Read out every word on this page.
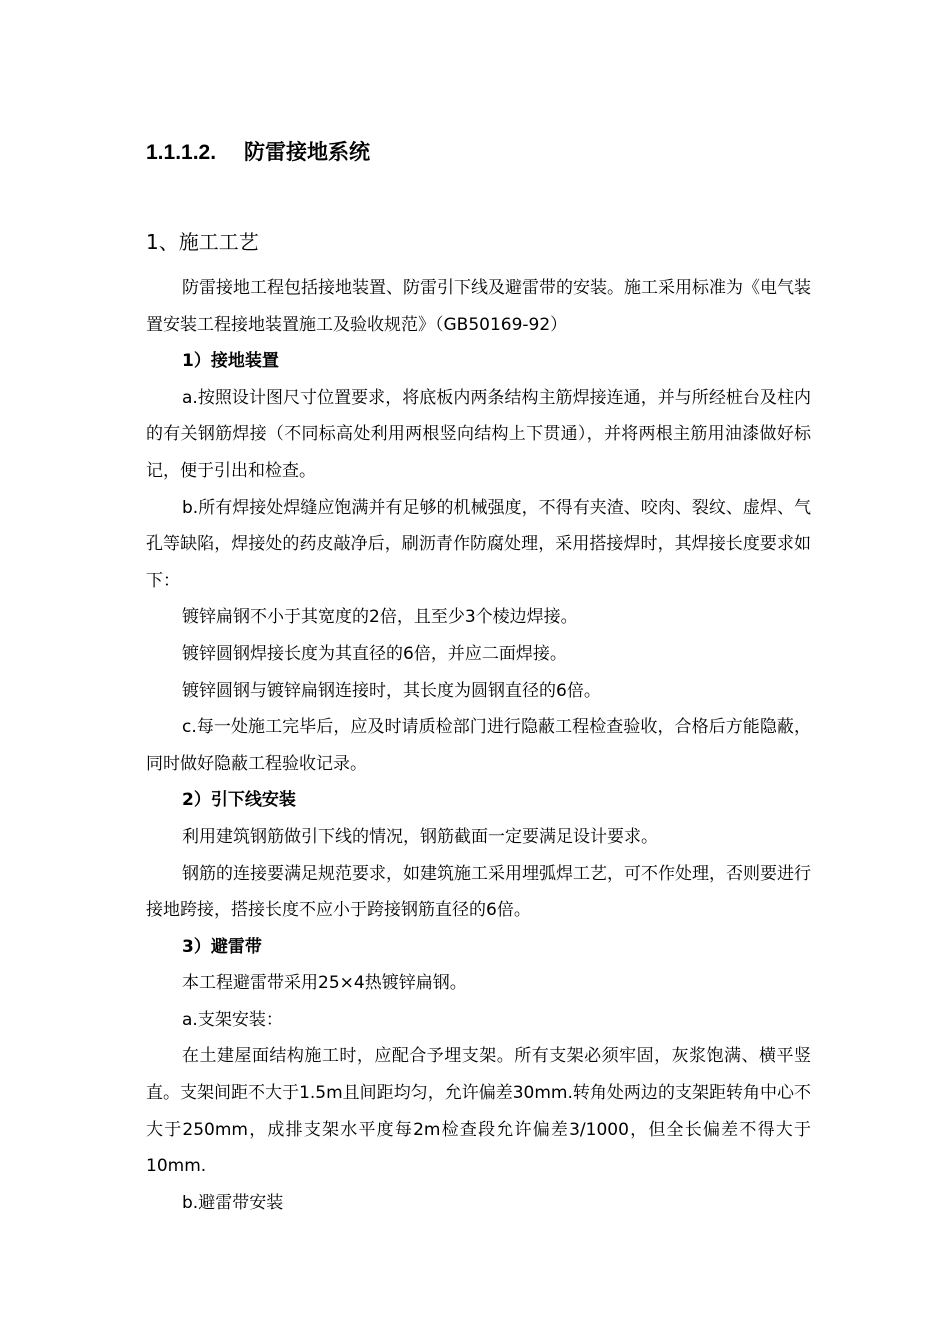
1.1.1.2. 防雷接地系统
1、施工工艺

防雷接地工程包括接地装置、防雷引下线及避雷带的安装。施工采用标准为《电气装置安装工程接地装置施工及验收规范》（GB50169-92）

1）接地装置

a.按照设计图尺寸位置要求，将底板内两条结构主筋焊接连通，并与所经桩台及柱内的有关钢筋焊接（不同标高处利用两根竖向结构上下贯通），并将两根主筋用油漆做好标记，便于引出和检查。

b.所有焊接处焊缝应饱满并有足够的机械强度，不得有夹渣、咬肉、裂纹、虚焊、气孔等缺陷，焊接处的药皮敲净后，刷沥青作防腐处理，采用搭接焊时，其焊接长度要求如下：

镀锌扁钢不小于其宽度的2倍，且至少3个棱边焊接。

镀锌圆钢焊接长度为其直径的6倍，并应二面焊接。

镀锌圆钢与镀锌扁钢连接时，其长度为圆钢直径的6倍。

c.每一处施工完毕后，应及时请质检部门进行隐蔽工程检查验收，合格后方能隐蔽，同时做好隐蔽工程验收记录。

2）引下线安装

利用建筑钢筋做引下线的情况，钢筋截面一定要满足设计要求。

钢筋的连接要满足规范要求，如建筑施工采用埋弧焊工艺，可不作处理，否则要进行接地跨接，搭接长度不应小于跨接钢筋直径的6倍。

3）避雷带

本工程避雷带采用25×4热镀锌扁钢。

a.支架安装：

在土建屋面结构施工时，应配合予埋支架。所有支架必须牢固，灰浆饱满、横平竖直。支架间距不大于1.5m且间距均匀，允许偏差30mm.转角处两边的支架距转角中心不大于250mm，成排支架水平度每2m检查段允许偏差3/1000，但全长偏差不得大于10mm.

b.避雷带安装
